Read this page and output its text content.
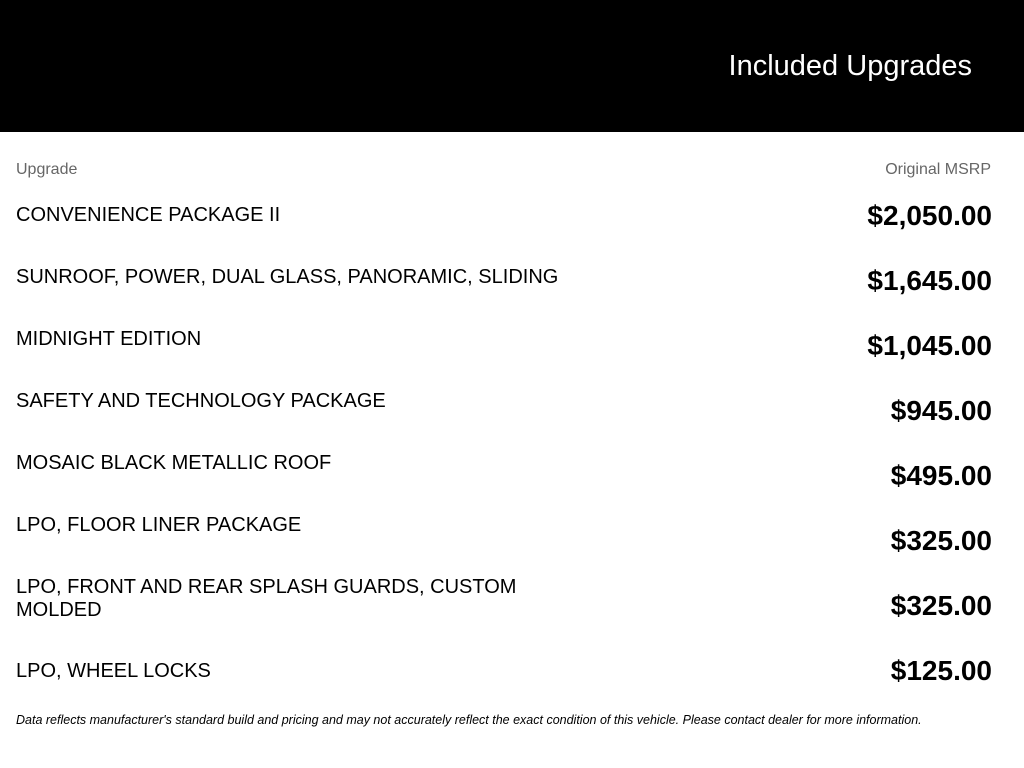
Included Upgrades
Upgrade	Original MSRP
CONVENIENCE PACKAGE II	$2,050.00
SUNROOF, POWER, DUAL GLASS, PANORAMIC, SLIDING	$1,645.00
MIDNIGHT EDITION	$1,045.00
SAFETY AND TECHNOLOGY PACKAGE	$945.00
MOSAIC BLACK METALLIC ROOF	$495.00
LPO, FLOOR LINER PACKAGE	$325.00
LPO, FRONT AND REAR SPLASH GUARDS, CUSTOM MOLDED	$325.00
LPO, WHEEL LOCKS	$125.00
Data reflects manufacturer's standard build and pricing and may not accurately reflect the exact condition of this vehicle. Please contact dealer for more information.
